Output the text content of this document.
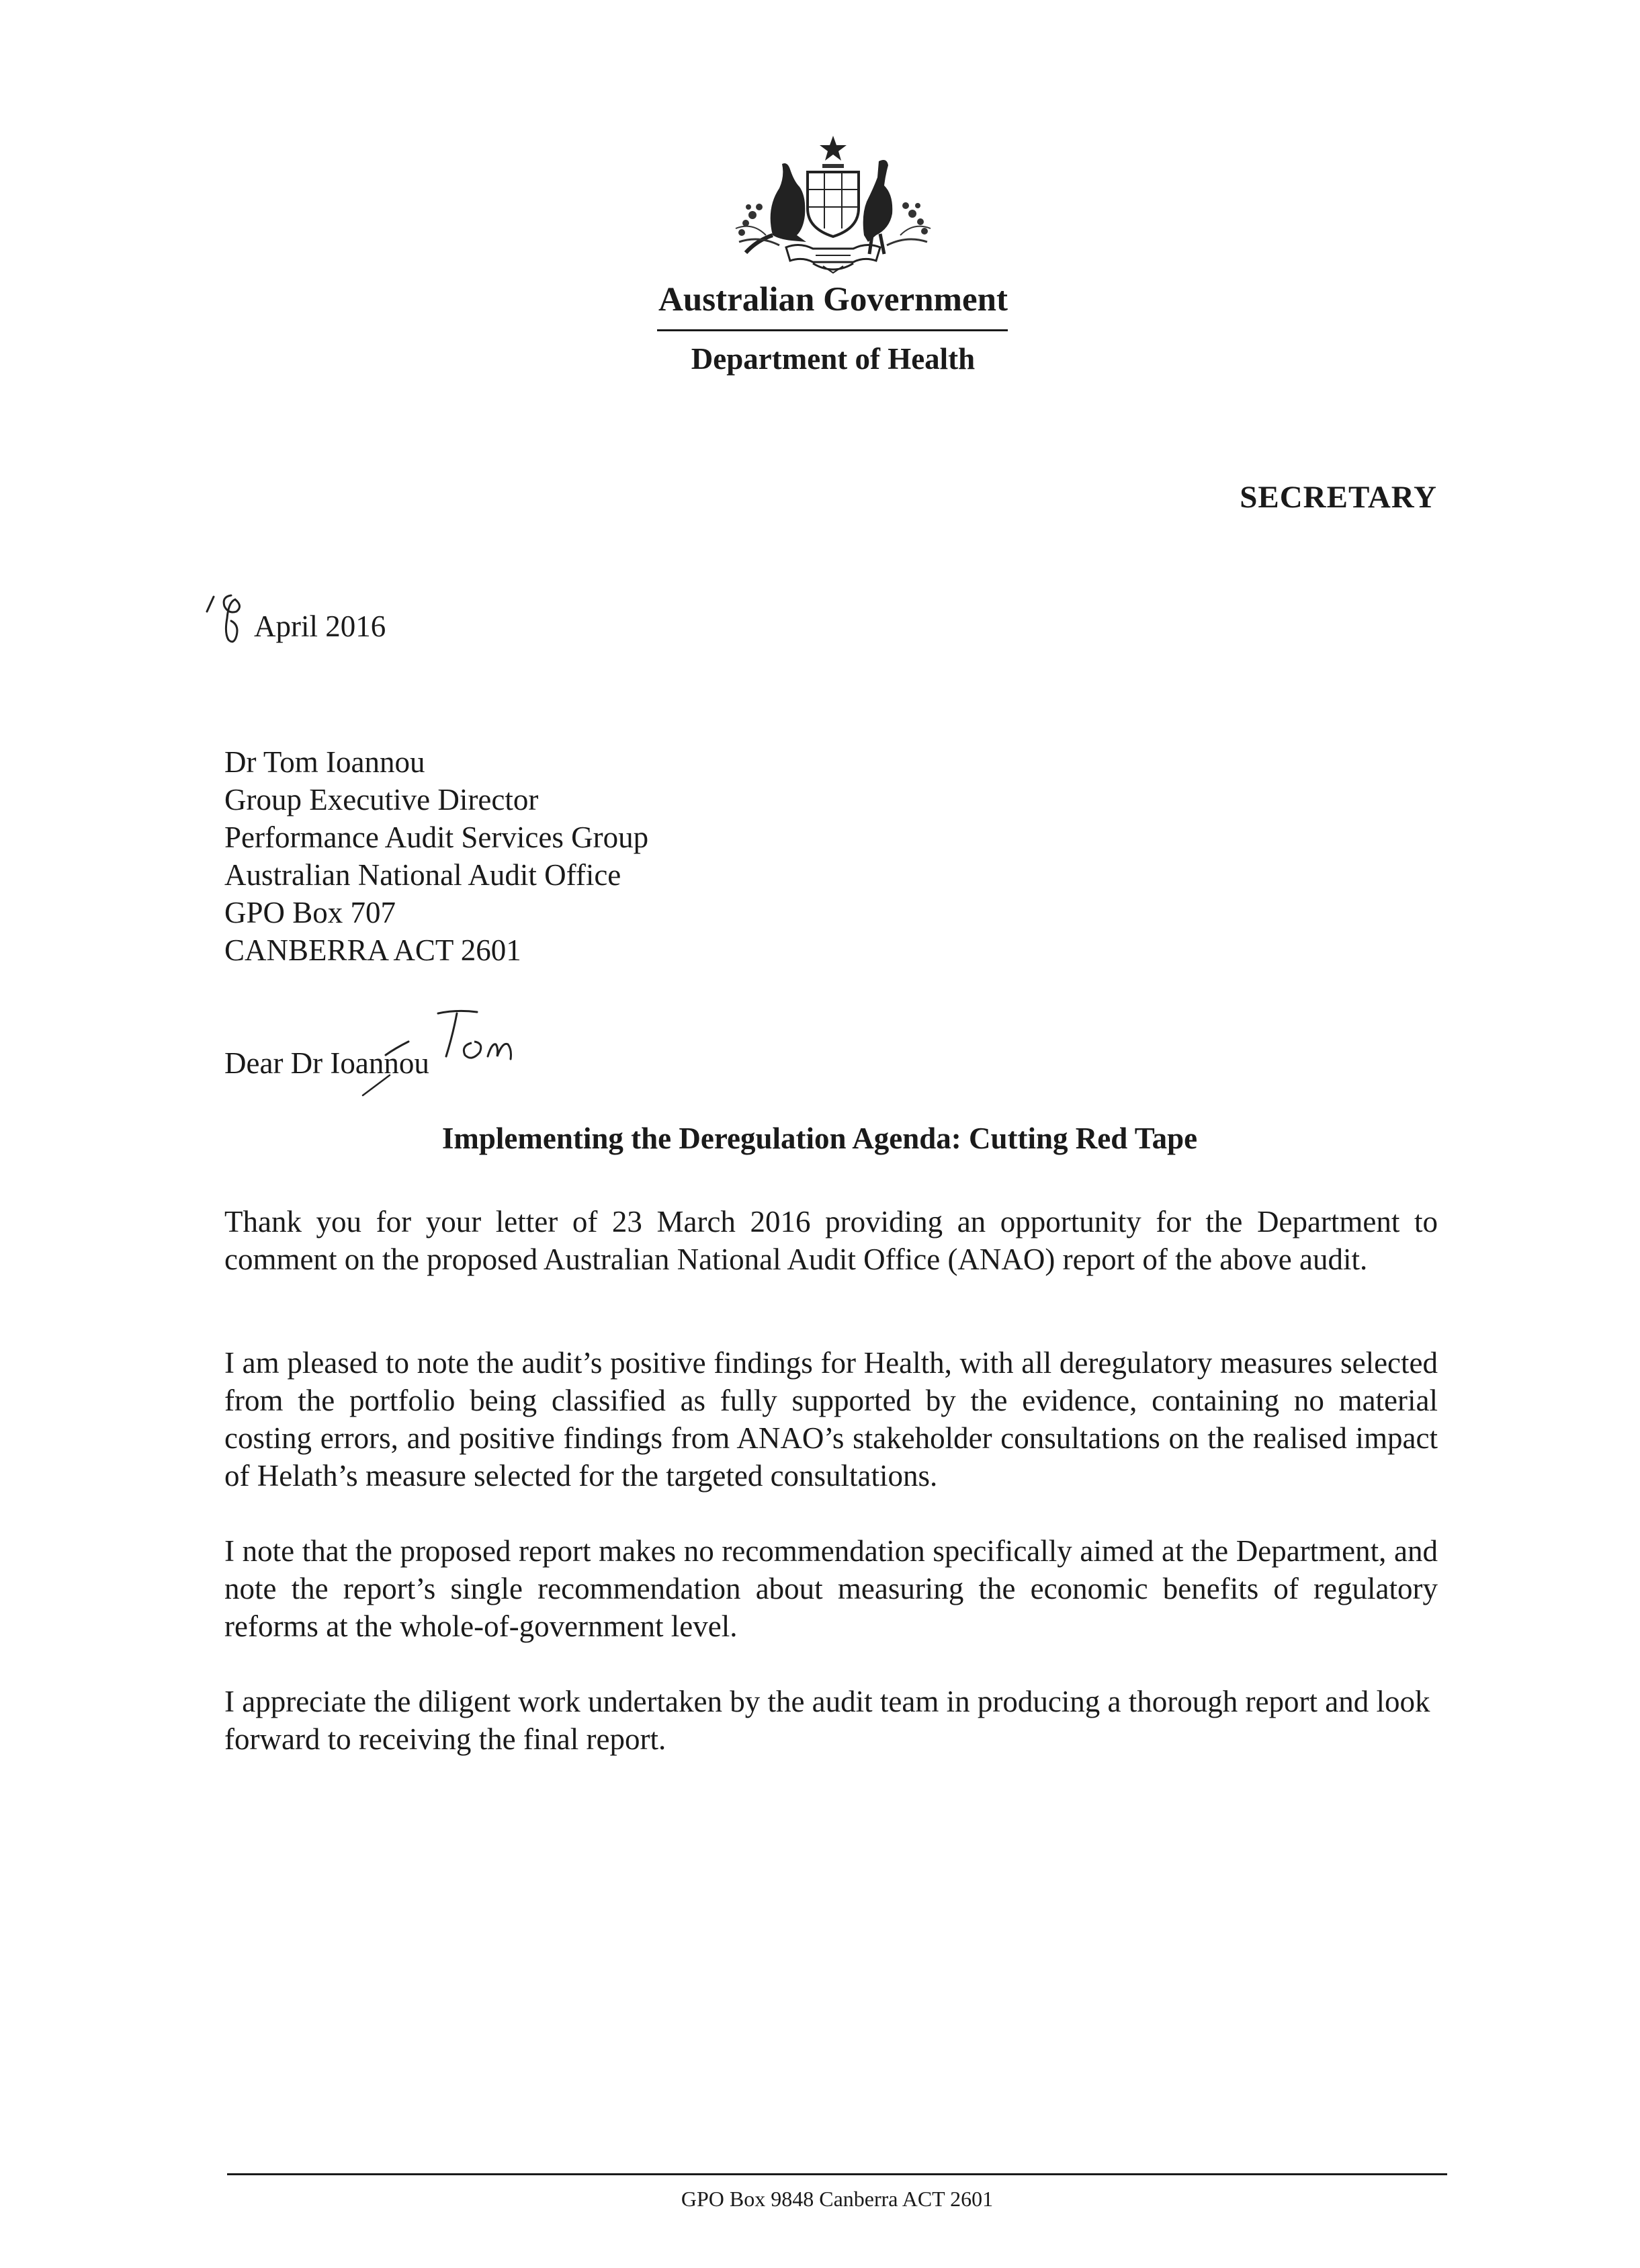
Australian Government
Department of Health
SECRETARY
April 2016
Dr Tom Ioannou
Group Executive Director
Performance Audit Services Group
Australian National Audit Office
GPO Box 707
CANBERRA ACT 2601
Dear Dr Ioannou
Implementing the Deregulation Agenda: Cutting Red Tape
Thank you for your letter of 23 March 2016 providing an opportunity for the Department to comment on the proposed Australian National Audit Office (ANAO) report of the above audit.
I am pleased to note the audit’s positive findings for Health, with all deregulatory measures selected from the portfolio being classified as fully supported by the evidence, containing no material costing errors, and positive findings from ANAO’s stakeholder consultations on the realised impact of Helath’s measure selected for the targeted consultations.
I note that the proposed report makes no recommendation specifically aimed at the Department, and note the report’s single recommendation about measuring the economic benefits of regulatory reforms at the whole-of-government level.
I appreciate the diligent work undertaken by the audit team in producing a thorough report and look forward to receiving the final report.
GPO Box 9848 Canberra ACT 2601
